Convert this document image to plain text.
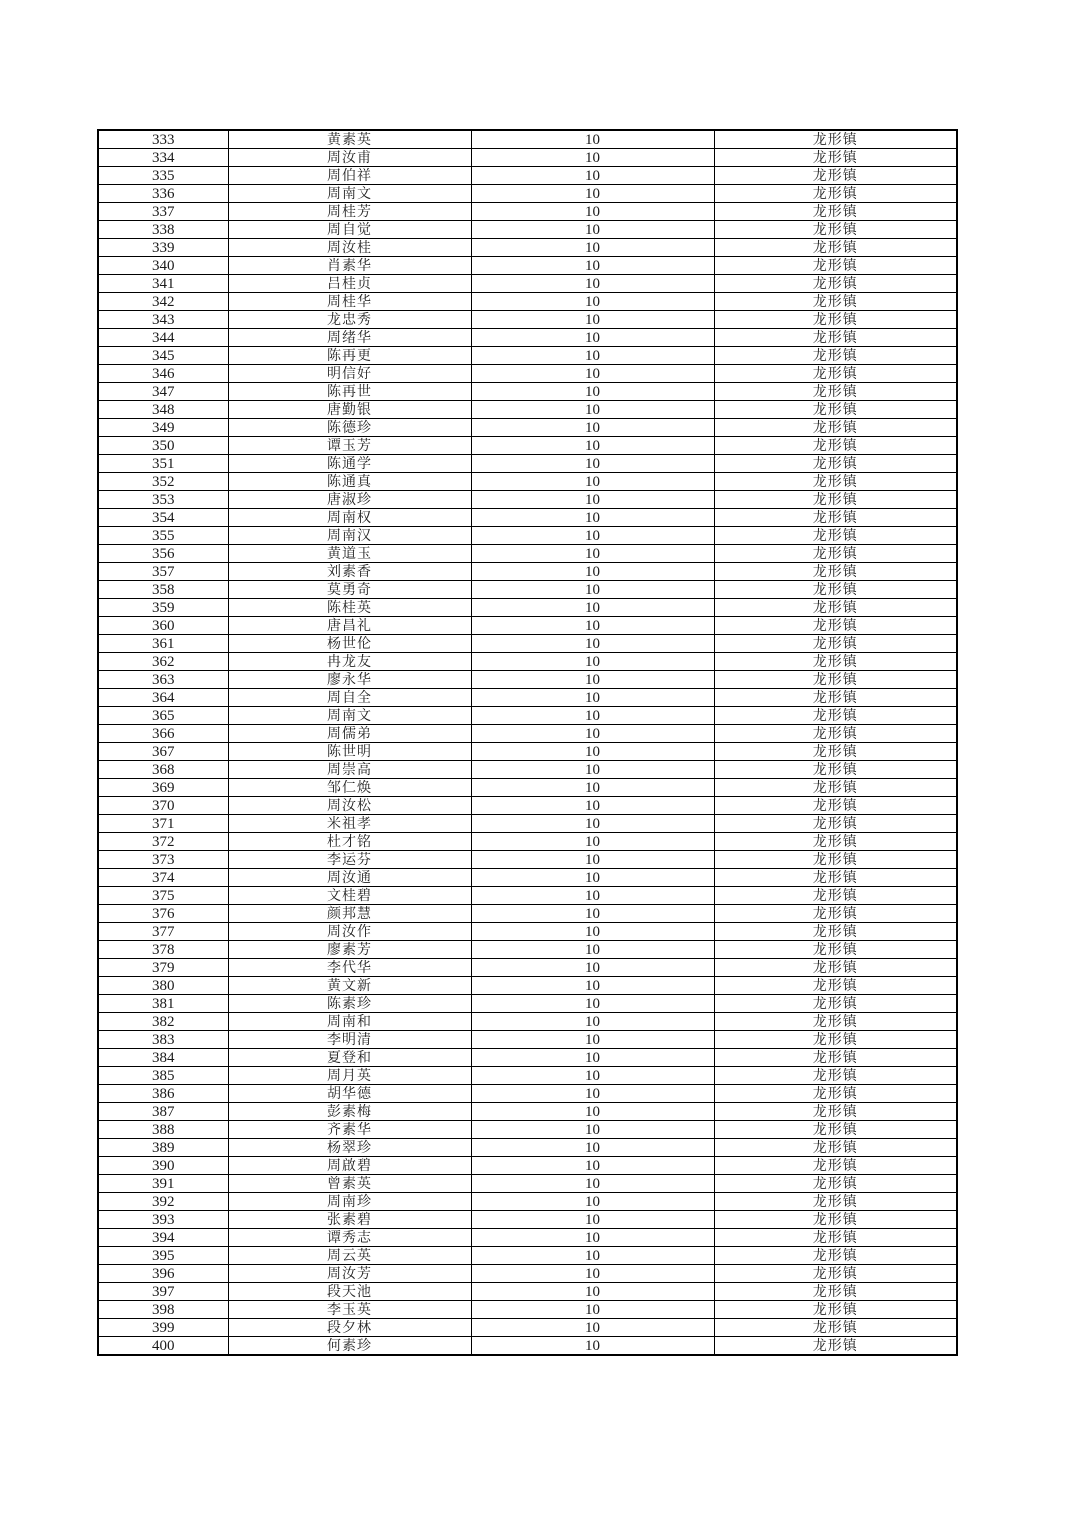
333	黄素英	10	龙形镇
334	周汝甫	10	龙形镇
335	周伯祥	10	龙形镇
336	周南文	10	龙形镇
337	周桂芳	10	龙形镇
338	周自觉	10	龙形镇
339	周汝桂	10	龙形镇
340	肖素华	10	龙形镇
341	吕桂贞	10	龙形镇
342	周桂华	10	龙形镇
343	龙忠秀	10	龙形镇
344	周绪华	10	龙形镇
345	陈再更	10	龙形镇
346	明信好	10	龙形镇
347	陈再世	10	龙形镇
348	唐勤银	10	龙形镇
349	陈德珍	10	龙形镇
350	谭玉芳	10	龙形镇
351	陈通学	10	龙形镇
352	陈通真	10	龙形镇
353	唐淑珍	10	龙形镇
354	周南权	10	龙形镇
355	周南汉	10	龙形镇
356	黄道玉	10	龙形镇
357	刘素香	10	龙形镇
358	莫勇奇	10	龙形镇
359	陈桂英	10	龙形镇
360	唐昌礼	10	龙形镇
361	杨世伦	10	龙形镇
362	冉龙友	10	龙形镇
363	廖永华	10	龙形镇
364	周自全	10	龙形镇
365	周南文	10	龙形镇
366	周儒弟	10	龙形镇
367	陈世明	10	龙形镇
368	周崇高	10	龙形镇
369	邹仁焕	10	龙形镇
370	周汝松	10	龙形镇
371	米祖孝	10	龙形镇
372	杜才铭	10	龙形镇
373	李运芬	10	龙形镇
374	周汝通	10	龙形镇
375	文桂碧	10	龙形镇
376	颜邦慧	10	龙形镇
377	周汝作	10	龙形镇
378	廖素芳	10	龙形镇
379	李代华	10	龙形镇
380	黄文新	10	龙形镇
381	陈素珍	10	龙形镇
382	周南和	10	龙形镇
383	李明清	10	龙形镇
384	夏登和	10	龙形镇
385	周月英	10	龙形镇
386	胡华德	10	龙形镇
387	彭素梅	10	龙形镇
388	齐素华	10	龙形镇
389	杨翠珍	10	龙形镇
390	周啟碧	10	龙形镇
391	曾素英	10	龙形镇
392	周南珍	10	龙形镇
393	张素碧	10	龙形镇
394	谭秀志	10	龙形镇
395	周云英	10	龙形镇
396	周汝芳	10	龙形镇
397	段天池	10	龙形镇
398	李玉英	10	龙形镇
399	段夕林	10	龙形镇
400	何素珍	10	龙形镇
